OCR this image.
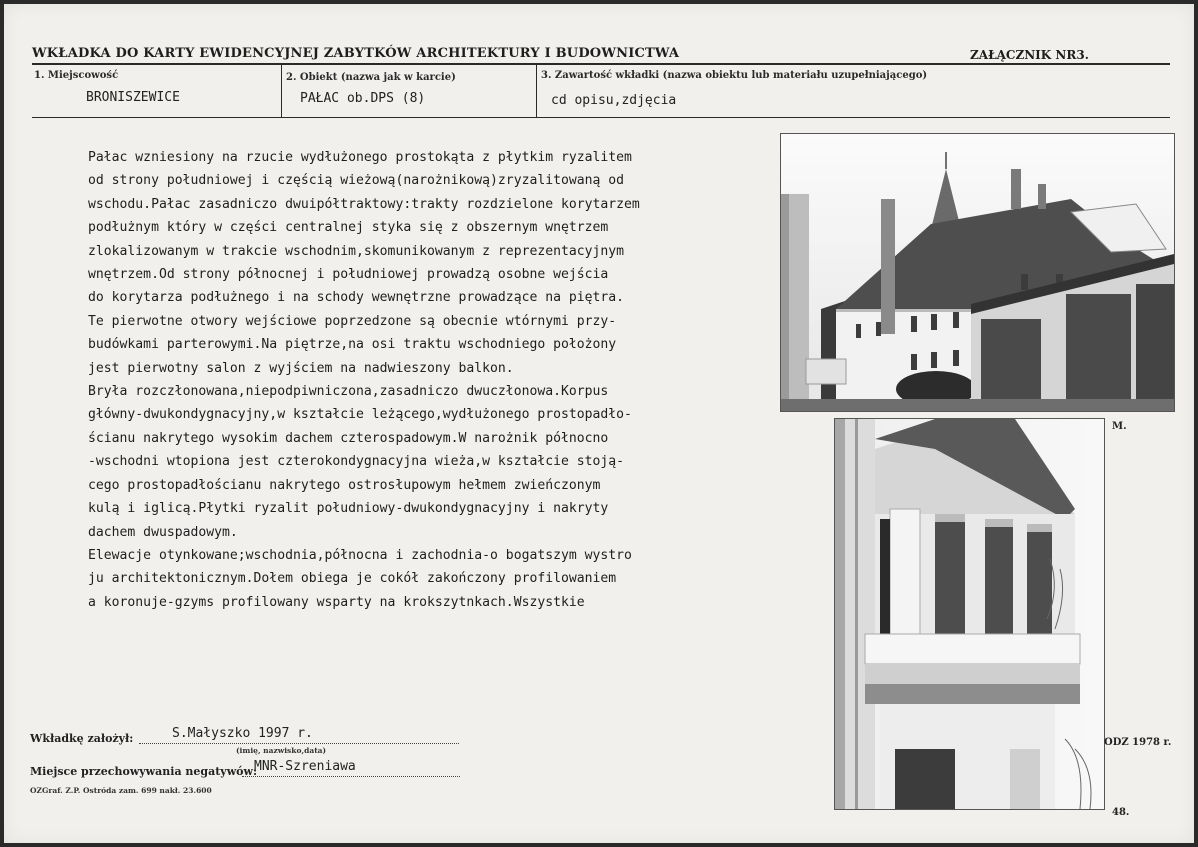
WKŁADKA DO KARTY EWIDENCYJNEJ ZABYTKÓW ARCHITEKTURY I BUDOWNICTWA	ZAŁĄCZNIK NR3.
1. Miejscowość
BRONISZEWICE
2. Obiekt (nazwa jak w karcie)
PAŁAC ob.DPS (8)
3. Zawartość wkładki (nazwa obiektu lub materiału uzupełniającego)
cd opisu,zdjęcia
Pałac wzniesiony na rzucie wydłużonego prostokąta z płytkim ryzalitem
od strony południowej i częścią wieżową(narożnikową)zryzalitowaną od
wschodu.Pałac zasadniczo dwuipółtraktowy:trakty rozdzielone korytarzem
podłużnym który w części centralnej styka się z obszernym wnętrzem
zlokalizowanym w trakcie wschodnim,skomunikowanym z reprezentacyjnym
wnętrzem.Od strony północnej i południowej prowadzą osobne wejścia
do korytarza podłużnego i na schody wewnętrzne prowadzące na piętra.
Te pierwotne otwory wejściowe poprzedzone są obecnie wtórnymi przy-
budówkami parterowymi.Na piętrze,na osi traktu wschodniego położony
jest pierwotny salon z wyjściem na nadwieszony balkon.
Bryła rozczłonowana,niepodpiwniczona,zasadniczo dwuczłonowa.Korpus
główny-dwukondygnacyjny,w kształcie leżącego,wydłużonego prostopadło-
ścianu nakrytego wysokim dachem czterospadowym.W narożnik północno
-wschodni wtopiona jest czterokondygnacyjna wieża,w kształcie stoją-
cego prostopadłościanu nakrytego ostrosłupowym hełmem zwieńczonym
kulą i iglicą.Płytki ryzalit południowy-dwukondygnacyjny i nakryty
dachem dwuspadowym.
Elewacje otynkowane;wschodnia,północna i zachodnia-o bogatszym wystro
ju architektonicznym.Dołem obiega je cokół zakończony profilowaniem
a koronuje-gzyms profilowany wsparty na krokszytnkach.Wszystkie
M.
ODZ 1978 r.
48.
Wkładkę założył:	S.Małyszko 1997 r.
(imię, nazwisko,data)
Miejsce przechowywania negatywów:
MNR-Szreniawa
OZGraf. Z.P. Ostróda zam. 699 nakł. 23.600
